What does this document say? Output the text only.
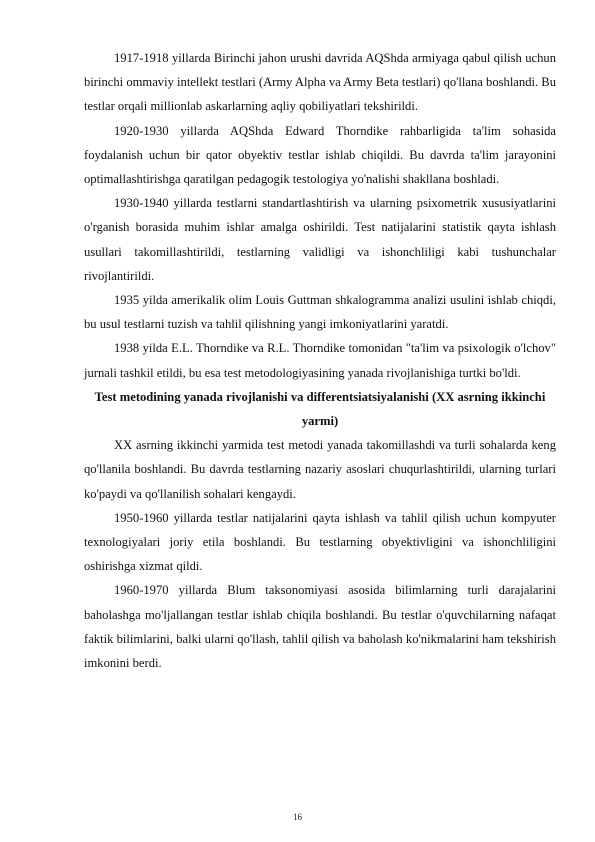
1917-1918 yillarda Birinchi jahon urushi davrida AQShda armiyaga qabul qilish uchun birinchi ommaviy intellekt testlari (Army Alpha va Army Beta testlari) qo'llana boshlandi. Bu testlar orqali millionlab askarlarning aqliy qobiliyatlari tekshirildi.

1920-1930 yillarda AQShda Edward Thorndike rahbarligida ta'lim sohasida foydalanish uchun bir qator obyektiv testlar ishlab chiqildi. Bu davrda ta'lim jarayonini optimallashtirishga qaratilgan pedagogik testologiya yo'nalishi shakllana boshladi.

1930-1940 yillarda testlarni standartlashtirish va ularning psixometrik xususiyatlarini o'rganish borasida muhim ishlar amalga oshirildi. Test natijalarini statistik qayta ishlash usullari takomillashtirildi, testlarning validligi va ishonchliligi kabi tushunchalar rivojlantirildi.

1935 yilda amerikalik olim Louis Guttman shkalogramma analizi usulini ishlab chiqdi, bu usul testlarni tuzish va tahlil qilishning yangi imkoniyatlarini yaratdi.

1938 yilda E.L. Thorndike va R.L. Thorndike tomonidan "ta'lim va psixologik o'lchov" jurnali tashkil etildi, bu esa test metodologiyasining yanada rivojlanishiga turtki bo'ldi.

Test metodining yanada rivojlanishi va differentsiatsiyalanishi (XX asrning ikkinchi yarmi)

XX asrning ikkinchi yarmida test metodi yanada takomillashdi va turli sohalarda keng qo'llanila boshlandi. Bu davrda testlarning nazariy asoslari chuqurlashtirildi, ularning turlari ko'paydi va qo'llanilish sohalari kengaydi.

1950-1960 yillarda testlar natijalarini qayta ishlash va tahlil qilish uchun kompyuter texnologiyalari joriy etila boshlandi. Bu testlarning obyektivligini va ishonchliligini oshirishga xizmat qildi.

1960-1970 yillarda Blum taksonomiyasi asosida bilimlarning turli darajalarini baholashga mo'ljallangan testlar ishlab chiqila boshlandi. Bu testlar o'quvchilarning nafaqat faktik bilimlarini, balki ularni qo'llash, tahlil qilish va baholash ko'nikmalarini ham tekshirish imkonini berdi.

16
